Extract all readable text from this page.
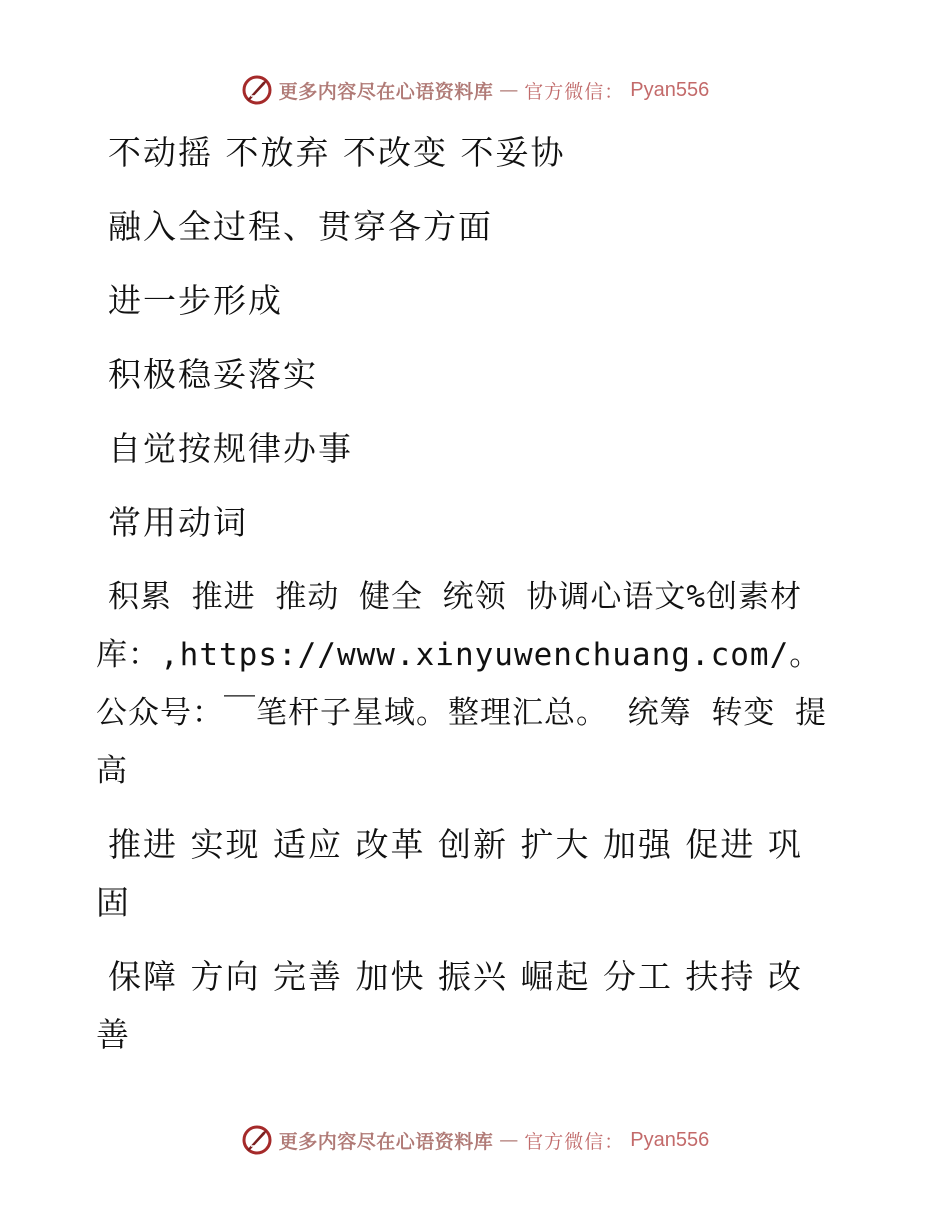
更多内容尽在心语资料库 — 官方微信： Pyan556

不动摇 不放弃 不改变 不妥协

融入全过程、贯穿各方面

进一步形成

积极稳妥落实

自觉按规律办事

常用动词

积累 推进 推动 健全 统领 协调心语文%创素材库：,https://www.xinyuwenchuang.com/。公众号：￣笔杆子星域。整理汇总。 统筹 转变 提高

推进 实现 适应 改革 创新 扩大 加强 促进 巩固

保障 方向 完善 加快 振兴 崛起 分工 扶持 改善

更多内容尽在心语资料库 — 官方微信： Pyan556
